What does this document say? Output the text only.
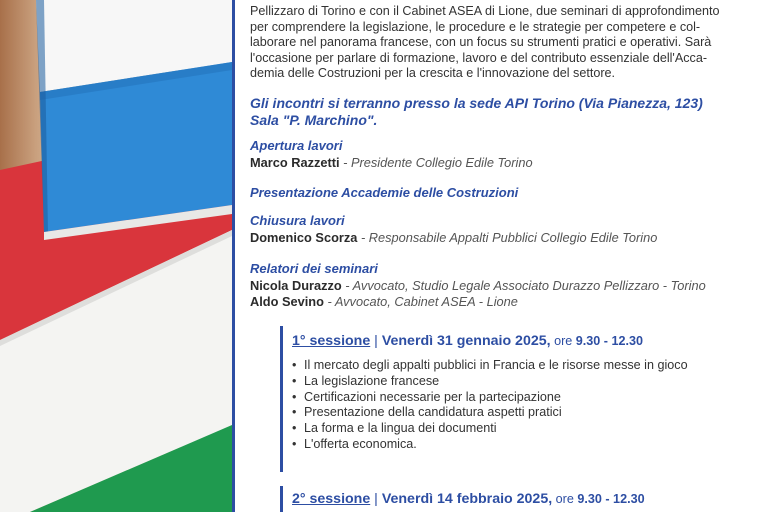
Pellizzaro di Torino e con il Cabinet ASEA di Lione, due seminari di approfondimento
per comprendere la legislazione, le procedure e le strategie per competere e col-
laborare nel panorama francese, con un focus su strumenti pratici e operativi. Sarà
l'occasione per parlare di formazione, lavoro e del contributo essenziale dell'Acca-
demia delle Costruzioni per la crescita e l'innovazione del settore.
Gli incontri si terranno presso la sede API Torino (Via Pianezza, 123)
Sala "P. Marchino".
Apertura lavori
Marco Razzetti - Presidente Collegio Edile Torino
Presentazione Accademie delle Costruzioni
Chiusura lavori
Domenico Scorza - Responsabile Appalti Pubblici Collegio Edile Torino
Relatori dei seminari
Nicola Durazzo - Avvocato, Studio Legale Associato Durazzo Pellizzaro - Torino
Aldo Sevino - Avvocato, Cabinet ASEA - Lione
1° sessione | Venerdì 31 gennaio 2025, ore 9.30 - 12.30
• Il mercato degli appalti pubblici in Francia e le risorse messe in gioco
• La legislazione francese
• Certificazioni necessarie per la partecipazione
• Presentazione della candidatura aspetti pratici
• La forma e la lingua dei documenti
• L'offerta economica.
2° sessione | Venerdì 14 febbraio 2025, ore 9.30 - 12.30
